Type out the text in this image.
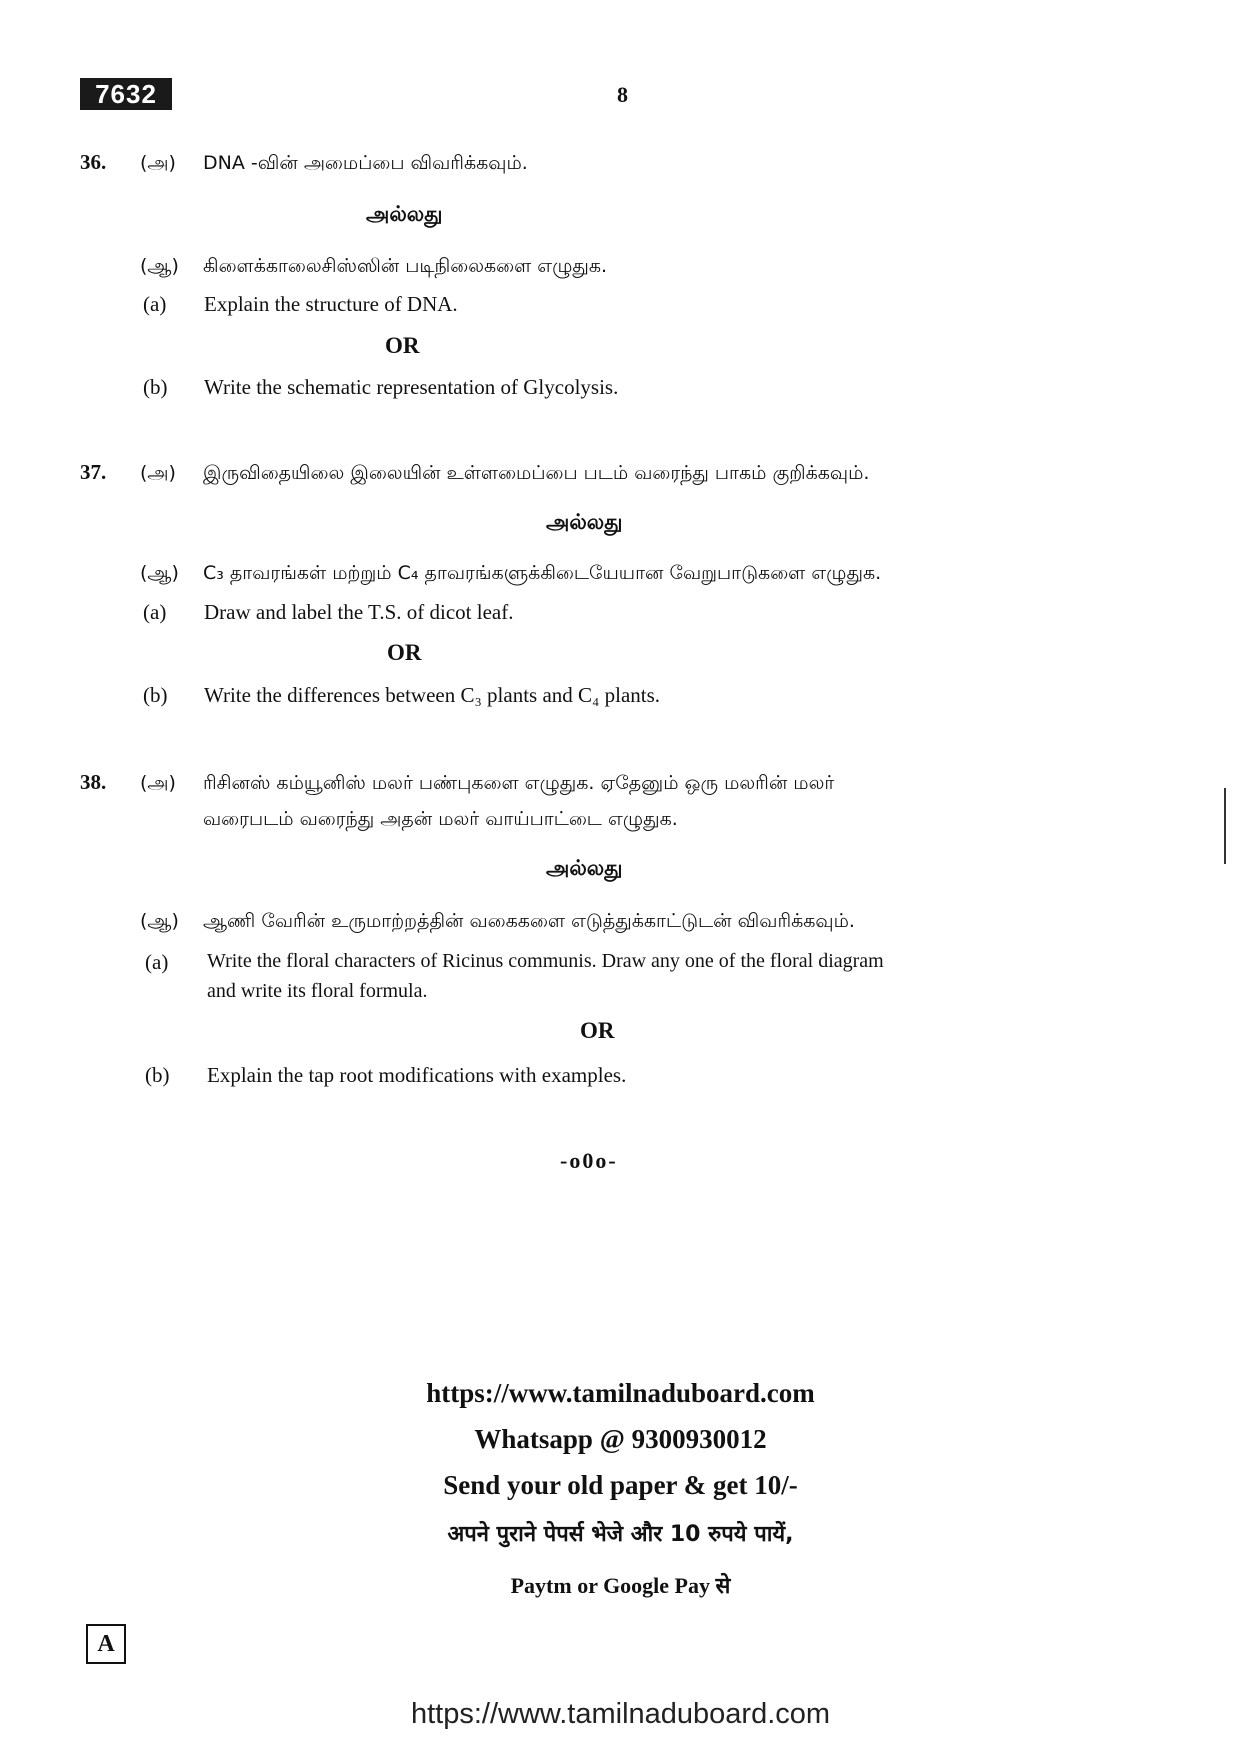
7632	8
36. (அ) DNA -வின் அமைப்பை விவரிக்கவும்.
அல்லது
(ஆ) கிளைக்காலைசிஸ்ஸின் படிநிலைகளை எழுதுக.
(a) Explain the structure of DNA.
OR
(b) Write the schematic representation of Glycolysis.
37. (அ) இருவிதையிலை இலையின் உள்ளமைப்பை படம் வரைந்து பாகம் குறிக்கவும்.
அல்லது
(ஆ) C₃ தாவரங்கள் மற்றும் C₄ தாவரங்களுக்கிடையேயான வேறுபாடுகளை எழுதுக.
(a) Draw and label the T.S. of dicot leaf.
OR
(b) Write the differences between C₃ plants and C₄ plants.
38. (அ) ரிசினஸ் கம்யூனிஸ் மலர் பண்புகளை எழுதுக. ஏதேனும் ஒரு மலரின் மலர்
வரைபடம் வரைந்து அதன் மலர் வாய்பாட்டை எழுதுக.
அல்லது
(ஆ) ஆணி வேரின் உருமாற்றத்தின் வகைகளை எடுத்துக்காட்டுடன் விவரிக்கவும்.
(a) Write the floral characters of Ricinus communis. Draw any one of the floral diagram
and write its floral formula.
OR
(b) Explain the tap root modifications with examples.
-o0o-
https://www.tamilnaduboard.com
Whatsapp @ 9300930012
Send your old paper & get 10/-
अपने पुराने पेपर्स भेजे और 10 रुपये पायें,
Paytm or Google Pay से
A
https://www.tamilnaduboard.com
